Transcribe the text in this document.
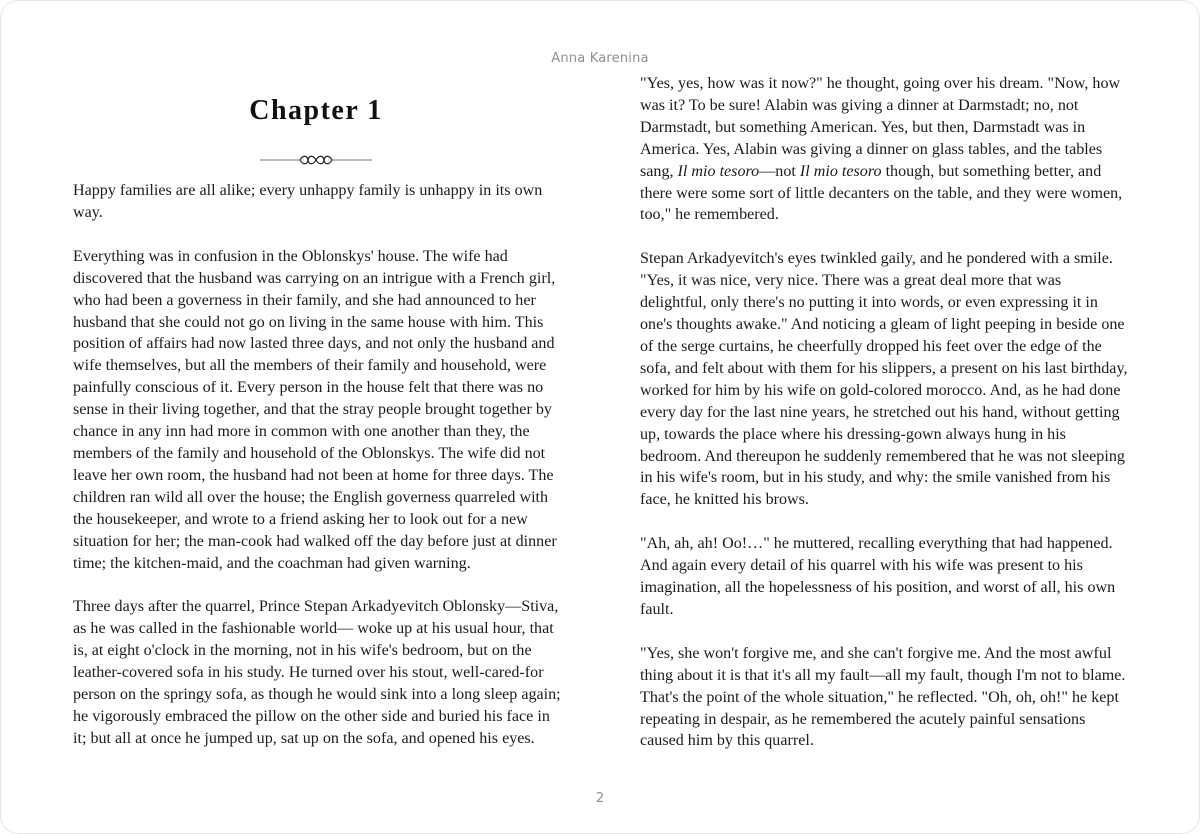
Anna Karenina
Chapter 1

Happy families are all alike; every unhappy family is unhappy in its own way.

Everything was in confusion in the Oblonskys' house. The wife had discovered that the husband was carrying on an intrigue with a French girl, who had been a governess in their family, and she had announced to her husband that she could not go on living in the same house with him. This position of affairs had now lasted three days, and not only the husband and wife themselves, but all the members of their family and household, were painfully conscious of it. Every person in the house felt that there was no sense in their living together, and that the stray people brought together by chance in any inn had more in common with one another than they, the members of the family and household of the Oblonskys. The wife did not leave her own room, the husband had not been at home for three days. The children ran wild all over the house; the English governess quarreled with the housekeeper, and wrote to a friend asking her to look out for a new situation for her; the man-cook had walked off the day before just at dinner time; the kitchen-maid, and the coachman had given warning.

Three days after the quarrel, Prince Stepan Arkadyevitch Oblonsky—Stiva, as he was called in the fashionable world— woke up at his usual hour, that is, at eight o'clock in the morning, not in his wife's bedroom, but on the leather-covered sofa in his study. He turned over his stout, well-cared-for person on the springy sofa, as though he would sink into a long sleep again; he vigorously embraced the pillow on the other side and buried his face in it; but all at once he jumped up, sat up on the sofa, and opened his eyes.

"Yes, yes, how was it now?" he thought, going over his dream. "Now, how was it? To be sure! Alabin was giving a dinner at Darmstadt; no, not Darmstadt, but something American. Yes, but then, Darmstadt was in America. Yes, Alabin was giving a dinner on glass tables, and the tables sang, Il mio tesoro—not Il mio tesoro though, but something better, and there were some sort of little decanters on the table, and they were women, too," he remembered.

Stepan Arkadyevitch's eyes twinkled gaily, and he pondered with a smile. "Yes, it was nice, very nice. There was a great deal more that was delightful, only there's no putting it into words, or even expressing it in one's thoughts awake." And noticing a gleam of light peeping in beside one of the serge curtains, he cheerfully dropped his feet over the edge of the sofa, and felt about with them for his slippers, a present on his last birthday, worked for him by his wife on gold-colored morocco. And, as he had done every day for the last nine years, he stretched out his hand, without getting up, towards the place where his dressing-gown always hung in his bedroom. And thereupon he suddenly remembered that he was not sleeping in his wife's room, but in his study, and why: the smile vanished from his face, he knitted his brows.

"Ah, ah, ah! Oo!…" he muttered, recalling everything that had happened. And again every detail of his quarrel with his wife was present to his imagination, all the hopelessness of his position, and worst of all, his own fault.

"Yes, she won't forgive me, and she can't forgive me. And the most awful thing about it is that it's all my fault—all my fault, though I'm not to blame. That's the point of the whole situation," he reflected. "Oh, oh, oh!" he kept repeating in despair, as he remembered the acutely painful sensations caused him by this quarrel.

2
